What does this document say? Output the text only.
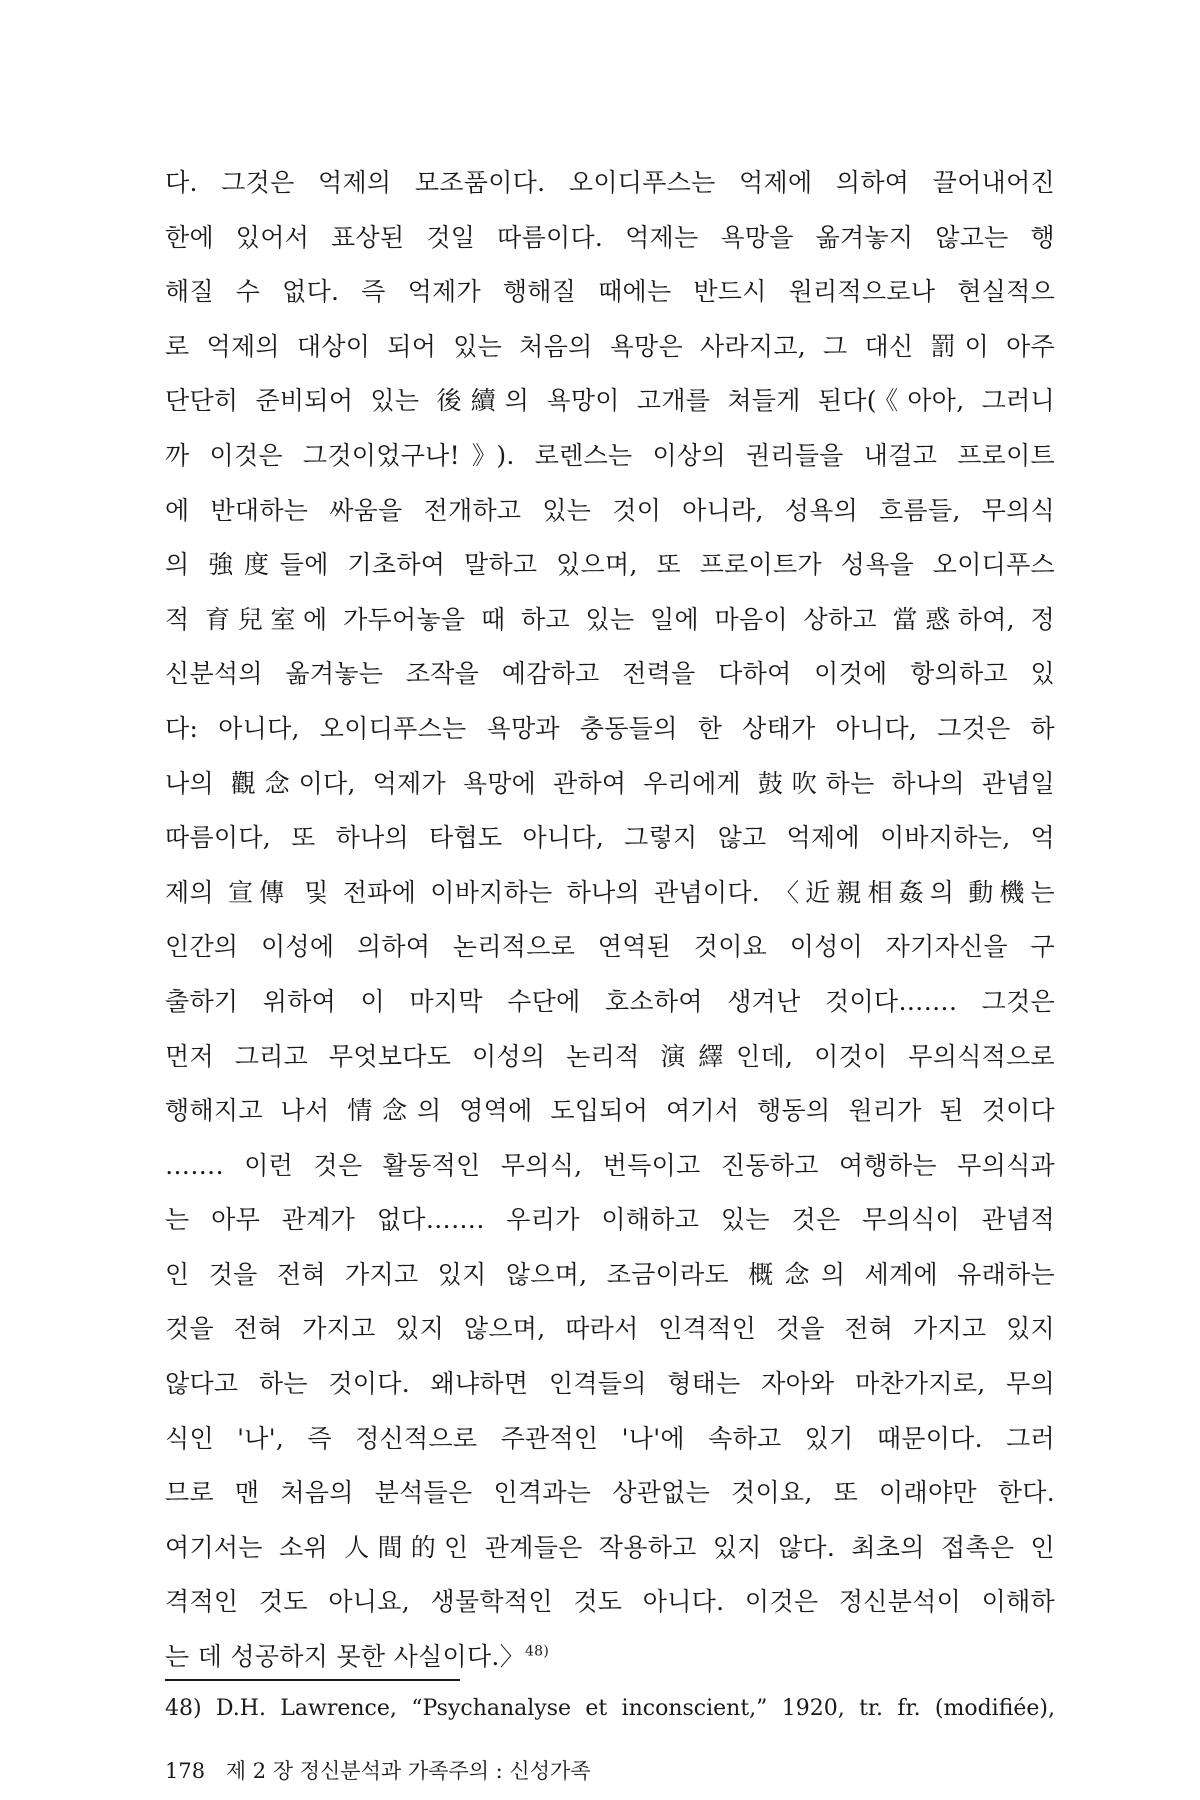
다. 그것은 억제의 모조품이다. 오이디푸스는 억제에 의하여 끌어내어진
한에 있어서 표상된 것일 따름이다. 억제는 욕망을 옮겨놓지 않고는 행
해질 수 없다. 즉 억제가 행해질 때에는 반드시 원리적으로나 현실적으
로 억제의 대상이 되어 있는 처음의 욕망은 사라지고, 그 대신 罰이 아주
단단히 준비되어 있는 後續의 욕망이 고개를 쳐들게 된다(《아아, 그러니
까 이것은 그것이었구나!》). 로렌스는 이상의 권리들을 내걸고 프로이트
에 반대하는 싸움을 전개하고 있는 것이 아니라, 성욕의 흐름들, 무의식
의 強度들에 기초하여 말하고 있으며, 또 프로이트가 성욕을 오이디푸스
적 育兒室에 가두어놓을 때 하고 있는 일에 마음이 상하고 當惑하여, 정
신분석의 옮겨놓는 조작을 예감하고 전력을 다하여 이것에 항의하고 있
다: 아니다, 오이디푸스는 욕망과 충동들의 한 상태가 아니다, 그것은 하
나의 觀念이다, 억제가 욕망에 관하여 우리에게 鼓吹하는 하나의 관념일
따름이다, 또 하나의 타협도 아니다, 그렇지 않고 억제에 이바지하는, 억
제의 宣傳 및 전파에 이바지하는 하나의 관념이다. 〈近親相姦의 動機는
인간의 이성에 의하여 논리적으로 연역된 것이요 이성이 자기자신을 구
출하기 위하여 이 마지막 수단에 호소하여 생겨난 것이다……. 그것은
먼저 그리고 무엇보다도 이성의 논리적 演繹인데, 이것이 무의식적으로
행해지고 나서 情念의 영역에 도입되어 여기서 행동의 원리가 된 것이다
……. 이런 것은 활동적인 무의식, 번득이고 진동하고 여행하는 무의식과
는 아무 관계가 없다……. 우리가 이해하고 있는 것은 무의식이 관념적
인 것을 전혀 가지고 있지 않으며, 조금이라도 概念의 세계에 유래하는
것을 전혀 가지고 있지 않으며, 따라서 인격적인 것을 전혀 가지고 있지
않다고 하는 것이다. 왜냐하면 인격들의 형태는 자아와 마찬가지로, 무의
식인 '나', 즉 정신적으로 주관적인 '나'에 속하고 있기 때문이다. 그러
므로 맨 처음의 분석들은 인격과는 상관없는 것이요, 또 이래야만 한다.
여기서는 소위 人間的인 관계들은 작용하고 있지 않다. 최초의 접촉은 인
격적인 것도 아니요, 생물학적인 것도 아니다. 이것은 정신분석이 이해하
는 데 성공하지 못한 사실이다.〉$^{48)}$
48) D.H. Lawrence, “Psychanalyse et inconscient,” 1920, tr. fr. (modifiée),
178 제 2 장 정신분석과 가족주의 : 신성가족
